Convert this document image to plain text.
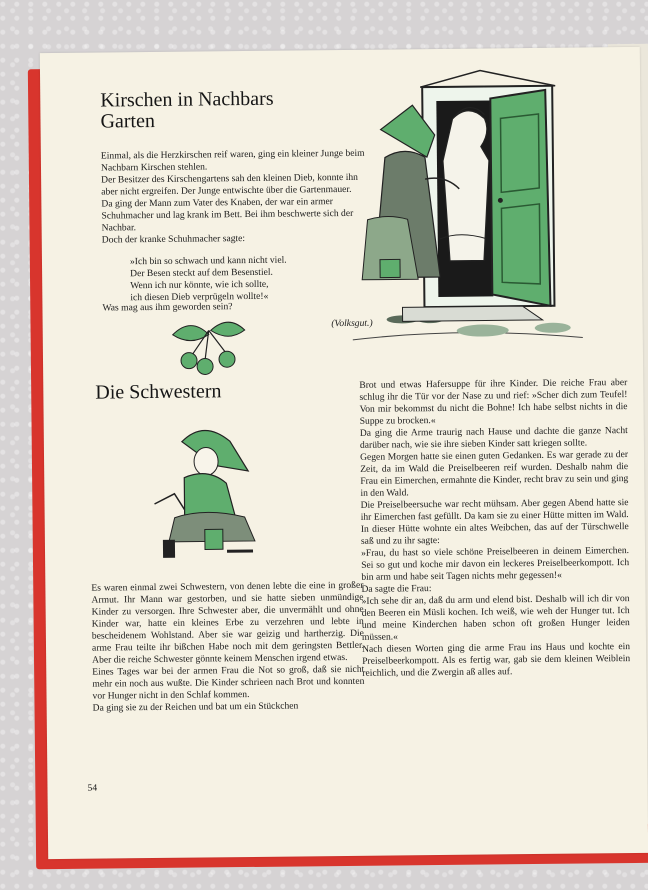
Kirschen in Nachbars Garten

Einmal, als die Herzkirschen reif waren, ging ein kleiner Junge beim Nachbarn Kirschen stehlen.

Der Besitzer des Kirschengartens sah den kleinen Dieb, konnte ihn aber nicht ergreifen. Der Junge entwischte über die Gartenmauer.

Da ging der Mann zum Vater des Knaben, der war ein armer Schuhmacher und lag krank im Bett. Bei ihm beschwerte sich der Nachbar.

Doch der kranke Schuhmacher sagte:

»Ich bin so schwach und kann nicht viel.

Der Besen steckt auf dem Besenstiel.

Wenn ich nur könnte, wie ich sollte,

ich diesen Dieb verprügeln wollte!«

Was mag aus ihm geworden sein?

(Volksgut.)

Die Schwestern

Es waren einmal zwei Schwestern, von denen lebte die eine in großer Armut. Ihr Mann war gestorben, und sie hatte sieben unmündige Kinder zu versorgen. Ihre Schwester aber, die unvermählt und ohne Kinder war, hatte ein kleines Erbe zu verzehren und lebte in bescheidenem Wohlstand. Aber sie war geizig und hartherzig. Die arme Frau teilte ihr bißchen Habe noch mit dem geringsten Bettler. Aber die reiche Schwester gönnte keinem Menschen irgend etwas.

Eines Tages war bei der armen Frau die Not so groß, daß sie nicht mehr ein noch aus wußte. Die Kinder schrieen nach Brot und konnten vor Hunger nicht in den Schlaf kommen.

Da ging sie zu der Reichen und bat um ein Stückchen

Brot und etwas Hafersuppe für ihre Kinder. Die reiche Frau aber schlug ihr die Tür vor der Nase zu und rief: »Scher dich zum Teufel! Von mir bekommst du nicht die Bohne! Ich habe selbst nichts in die Suppe zu brocken.«

Da ging die Arme traurig nach Hause und dachte die ganze Nacht darüber nach, wie sie ihre sieben Kinder satt kriegen sollte.

Gegen Morgen hatte sie einen guten Gedanken. Es war gerade zu der Zeit, da im Wald die Preiselbeeren reif wurden. Deshalb nahm die Frau ein Eimerchen, ermahnte die Kinder, recht brav zu sein und ging in den Wald.

Die Preiselbeersuche war recht mühsam. Aber gegen Abend hatte sie ihr Eimerchen fast gefüllt. Da kam sie zu einer Hütte mitten im Wald. In dieser Hütte wohnte ein altes Weibchen, das auf der Türschwelle saß und zu ihr sagte:

»Frau, du hast so viele schöne Preiselbeeren in deinem Eimerchen. Sei so gut und koche mir davon ein leckeres Preiselbeerkompott. Ich bin arm und habe seit Tagen nichts mehr gegessen!«

Da sagte die Frau:

»Ich sehe dir an, daß du arm und elend bist. Deshalb will ich dir von den Beeren ein Müsli kochen. Ich weiß, wie weh der Hunger tut. Ich und meine Kinderchen haben schon oft großen Hunger leiden müssen.«

Nach diesen Worten ging die arme Frau ins Haus und kochte ein Preiselbeerkompott. Als es fertig war, gab sie dem kleinen Weiblein reichlich, und die Zwergin aß alles auf.

54
